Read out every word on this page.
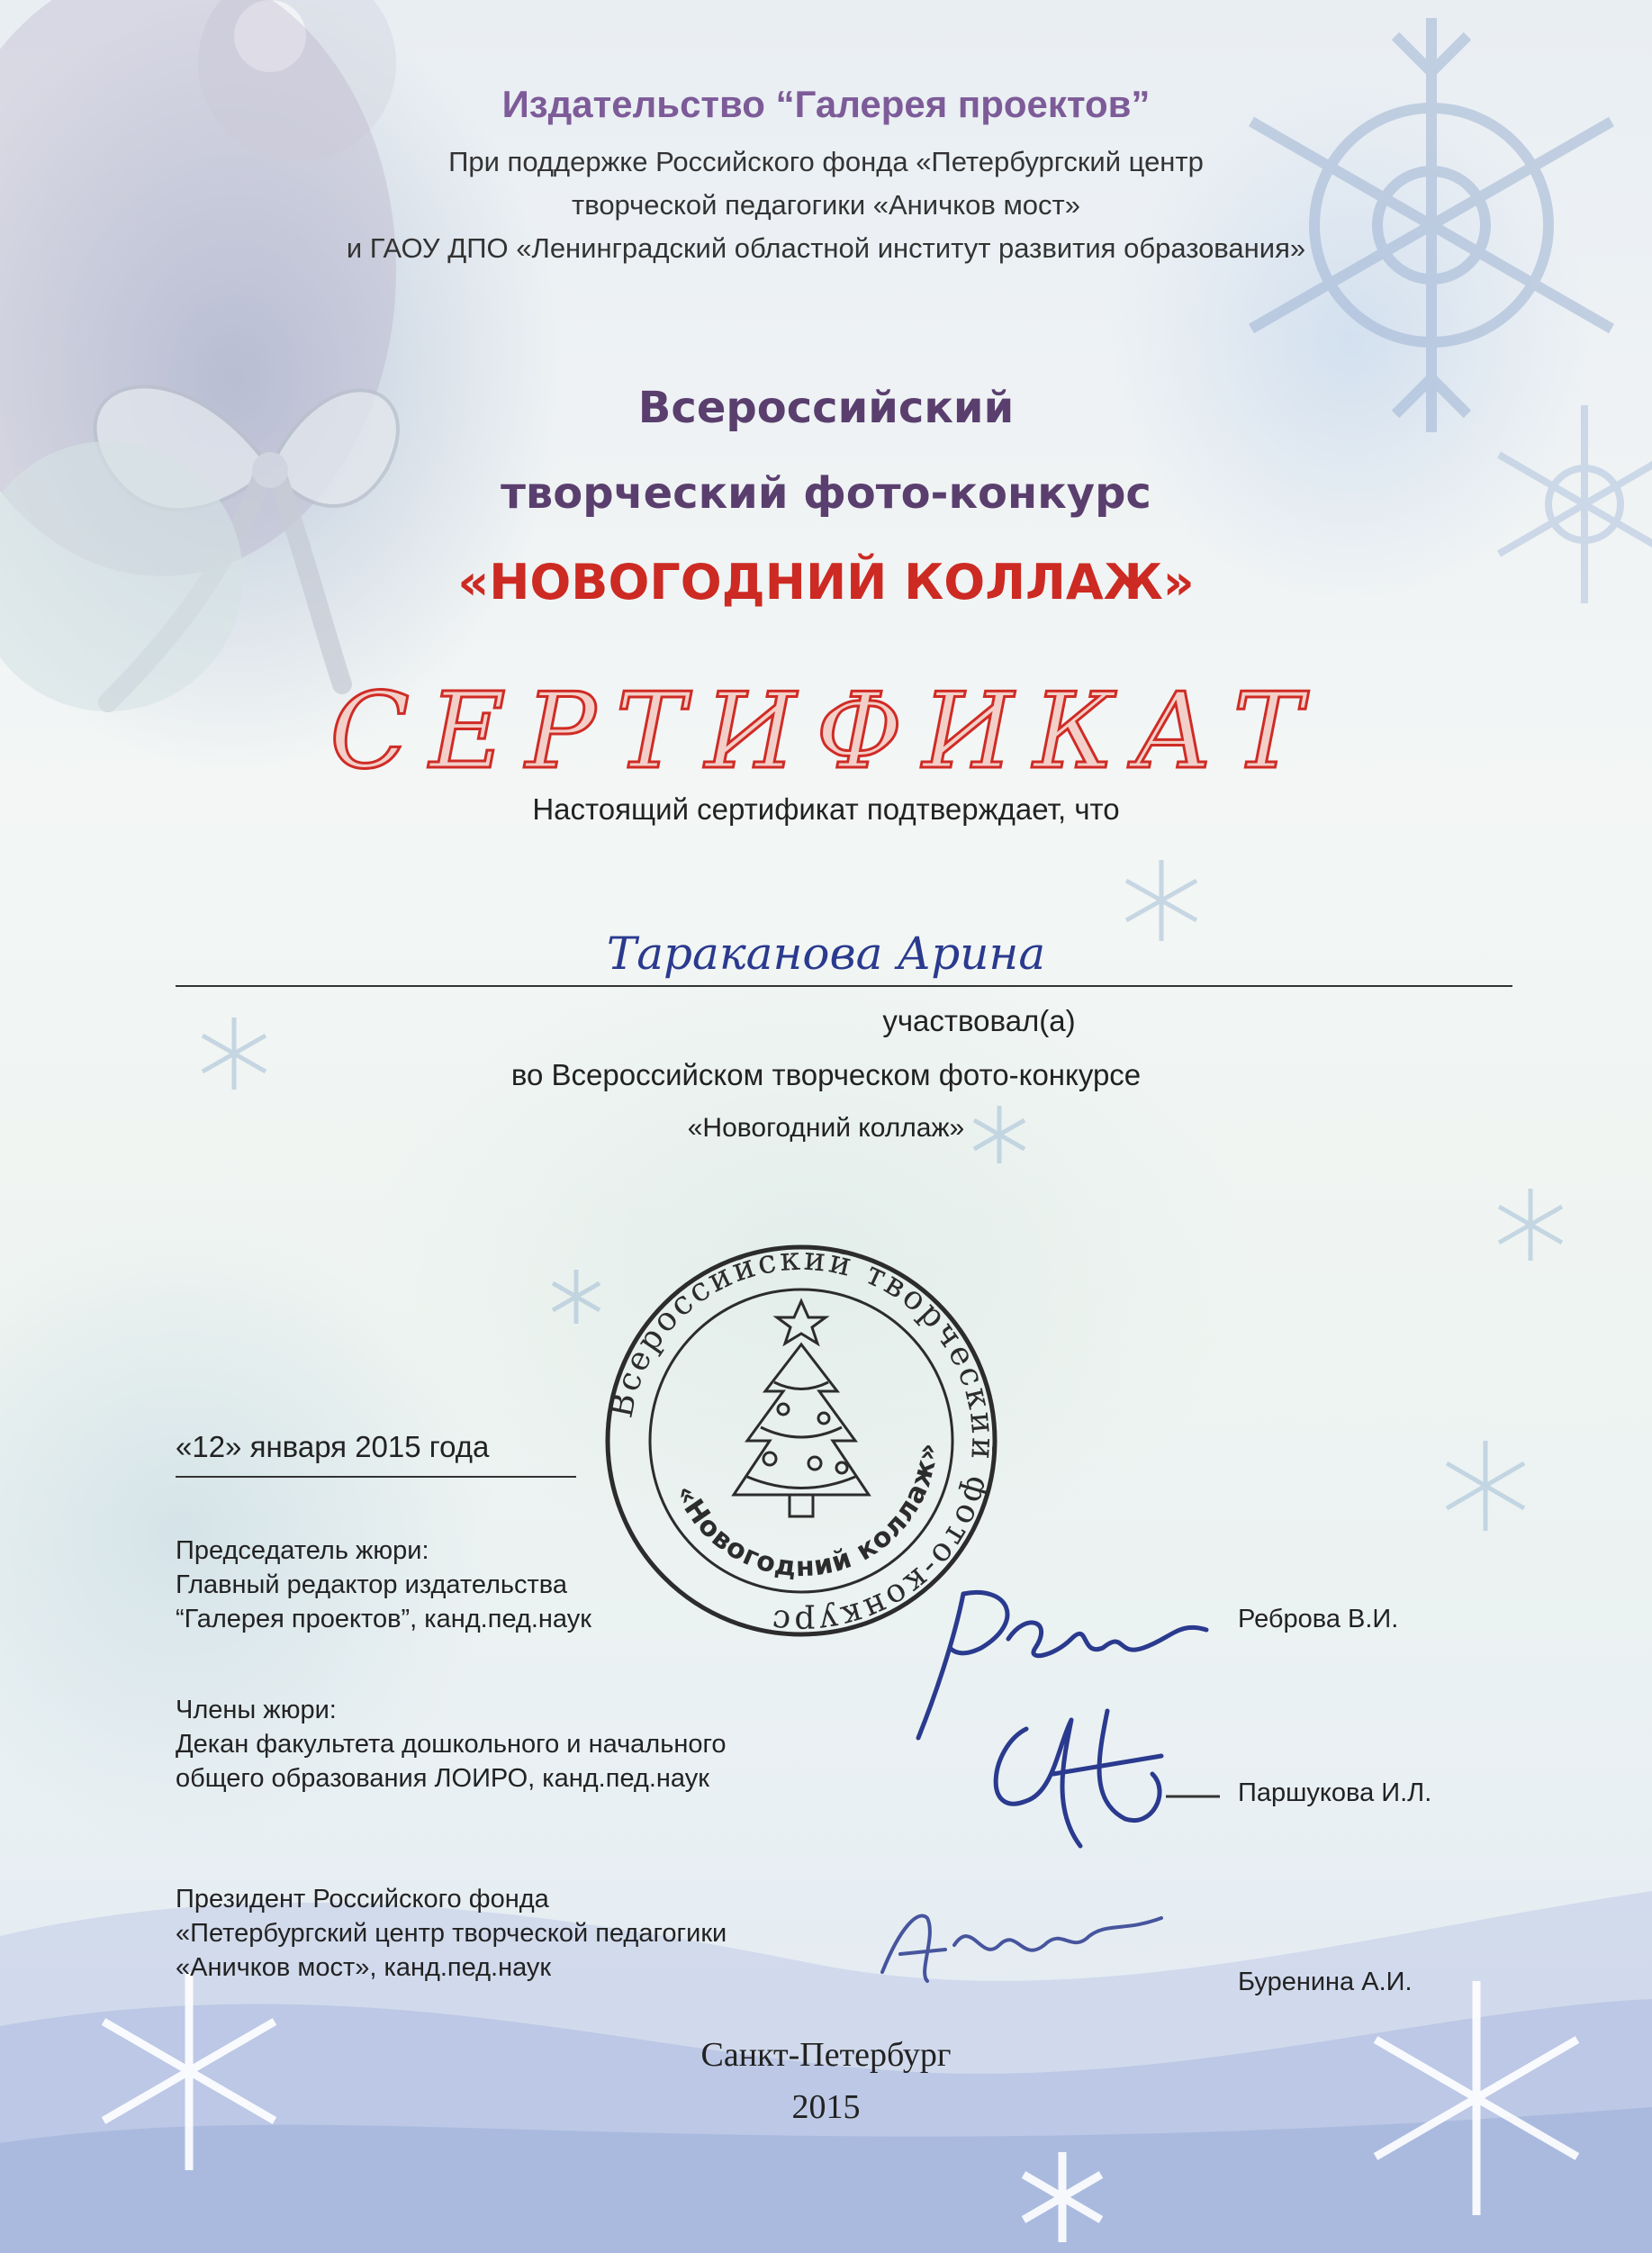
Издательство “Галерея проектов”
При поддержке Российского фонда «Петербургский центр
творческой педагогики «Аничков мост»
и ГАОУ ДПО «Ленинградский областной институт развития образования»
Всероссийский
творческий фото-конкурс
«НОВОГОДНИЙ КОЛЛАЖ»
СЕРТИФИКАТ
Настоящий сертификат подтверждает, что
Тараканова Арина
участвовал(а)
во Всероссийском творческом фото-конкурсе
«Новогодний коллаж»
Всероссийский творческий фото-конкурс
«Новогодний коллаж»
«12» января 2015 года
Председатель жюри:
Главный редактор издательства
“Галерея проектов”, канд.пед.наук	Реброва В.И.
Члены жюри:
Декан факультета дошкольного и начального
общего образования ЛОИРО, канд.пед.наук	Паршукова И.Л.
Президент Российского фонда
«Петербургский центр творческой педагогики
«Аничков мост», канд.пед.наук	Буренина А.И.
Санкт-Петербург
2015
